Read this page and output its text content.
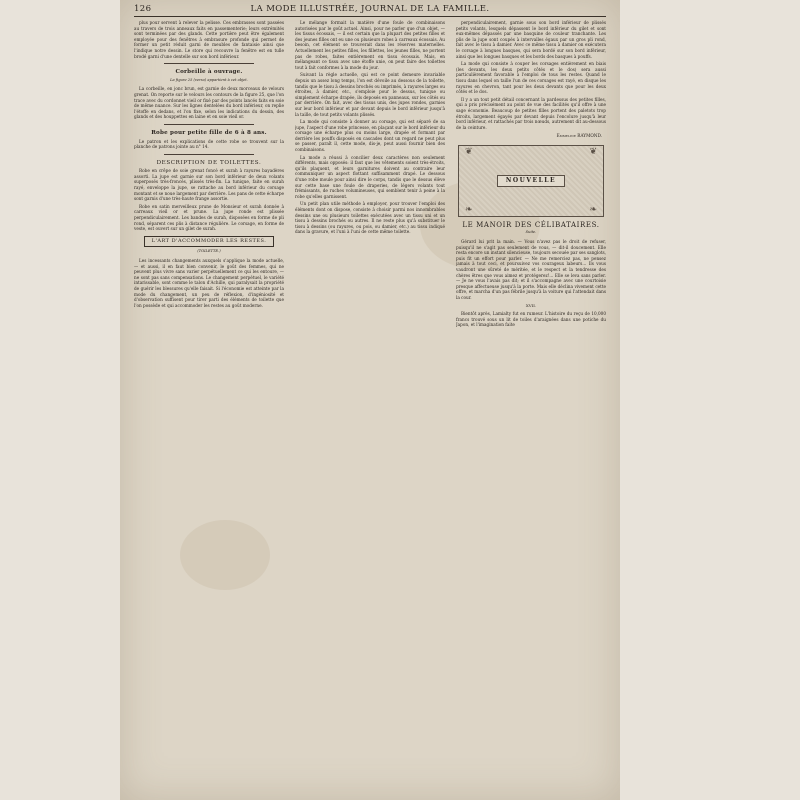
126	LA MODE ILLUSTRÉE, JOURNAL DE LA FAMILLE.

plus pour servent à relever la pelisse. Ces embrasses sont passées au travers de trois anneaux faits en passementerie; leurs extrémités sont terminées par des glands. Cette portière peut être également employée pour des fenêtres à embrasure profonde qui permet de former un petit réduit garni de meubles de fantaisie ainsi que l'indique notre dessin. Le store qui recouvre la fenêtre est en tulle brodé garni d'une dentelle sur son bord inférieur.

Corbeille à ouvrage.
La figure 25 (verso) appartient à cet objet.

La corbeille, en jonc brun, est garnie de deux morceaux de velours grenat. On reporte sur le velours les contours de la figure 25, que l'on trace avec du cordonnet vieil or fixé par des points lancés faits en soie de même nuance. Sur les lignes dentelées du bord inférieur, on replie l'étoffe en dedans, et l'on fixe, selon les indications du dessin, des glands et des houppettes en laine et en soie vieil or.

Robe pour petite fille de 6 à 8 ans.

Le patron et les explications de cette robe se trouvent sur la planche de patrons jointe au n° 14.

DESCRIPTION DE TOILETTES.

Robe en crêpe de soie grenat foncé et surah à rayures bayadères assorti. La jupe est garnie sur son bord inférieur de deux volants superposés très-froncés, plissés très-fin. La tunique, faite en surah rayé, enveloppe la jupe, se rattache au bord inférieur du corsage montant et se noue largement par derrière. Les pans de cette écharpe sont garnis d'une très-haute frange assortie.

Robe en satin merveilleux prune de Monsieur et surah donnée à carreaux vieil or et prune. La jupe ronde est plissée perpendiculairement. Les bandes de surah, disposées en forme de pli rond, séparent ces plis à distance régulière. Le corsage, en forme de veste, est ouvert sur un gilet de surah.

L'ART D'ACCOMMODER LES RESTES.
(TOILETTE.)

Les incessants changements auxquels s'applique la mode actuelle, — et aussi, il en faut bien convenir, le goût des femmes, qui ne peuvent plus vivre sans varier perpétuellement ce qui les entoure, — ne sont pas sans compensations. Le changement perpétuel, le variété intarissable, sont comme le talon d'Achille, qui paralysait la propriété de guérir les blessures qu'elle faisait. Si l'économie est atteinte par la mode du changement, un peu de réflexion, d'ingéniosité et d'observation suffisent pour tirer parti des éléments de toilette que l'on possède et qui accommoder les restes au goût moderne.

Le mélange formait la matière d'une foule de combinaisons autorisées par le goût actuel. Ainsi, pour ne parler que d'un objet, — les tissus écossais, — il est certain que la plupart des petites filles et des jeunes filles ont eu une ou plusieurs robes à carreaux écossais. Au besoin, cet élément se trouverait dans les réserves maternelles. Actuellement les petites filles, les fillettes, les jeunes filles, ne portent pas de robes, faites entièrement en tissu écossais. Mais, en mélangeant ce tissu avec une étoffe unie, on peut faire des toilettes tout à fait conformes à la mode du jour.

Suivant la règle actuelle, qui est ce point demeure invariable depuis un assez long temps, l'on est dévoile au dessous de la toilette, tandis que le tissu à dessins brochés ou imprimés, à rayures larges ou étroites, à damier, etc., s'emploie pour le dessus, tunique ou simplement écharpe drapée, ils deposés en panneaux, sur les côtés ou par derrière. On fait, avec des tissus unis, des jupes rondes, garnies sur leur bord inférieur et par devant depuis le bord inférieur jusqu'à la taille, de tout petits volants plissés.

La mode qui consiste à donner au corsage, qui est séparé de sa jupe, l'aspect d'une robe princesse, en plaçant sur le bord inférieur du corsage une écharpe plus ou moins large, drapée et formant par derrière les pouffs disposés en cascades dont un regard ne peut plus se passer, paraît il, cette mode, dis-je, peut aussi fournir bien des combinaisons.

La mode a réussi à concilier deux caractères non seulement différents, mais opposés: il faut que les vêtements soient très-étroits, qu'ils plaquent, et leurs garnitures doivent au contraire leur communiquer un aspect flottant suffisamment drapé. Le dessous d'une robe moule pour ainsi dire le corps, tandis que le dessus élève sur cette base une foule de draperies, de légers volants tout frémissants, de ruches volumineuses, qui semblent tenir à peine à la robe qu'elles garnissent.

Un petit plan utile méthode à employer, pour trouver l'emploi des éléments dont on dispose, consiste à choisir parmi nos innombrables dessins une ou plusieurs toilettes exécutées avec un tissu uni et un tissu à dessins brochés ou autres. Il ne reste plus qu'à substituer le tissu à dessins (ou rayures, ou pois, ou damier, etc.) au tissu indiqué dans la gravure, et l'uni à l'uni de cette même toilette.

perpendiculairement, garnie sous son bord inférieur de plissés petits volants, lesquels dépassent le bord inférieur du gilet et sont eux-mêmes dépassés par une basquine de couleur tranchante. Les plis de la jupe sont coupés à intervalles égaux par un gros pli rond, fait avec le tissu à damier. Avec ce même tissu à damier on exécutera le corsage à longues basques, qui sera bordé sur son bord inférieur, ainsi que les longues basques et les bords des basques à pouffs.

La mode qui consiste à couper les corsages entièrement en biais (les devants, les deux petits côtés et le dos) sera aussi particulièrement favorable à l'emploi de tous les restes. Quand le tissu dans lequel on taille l'un de ces corsages est rayé, en disque les rayures en chevron, tant pour les deux devants que pour les deux côtés et le dos.

Il y a un tout petit détail concernant la pardessus des petites filles, qui a pris précisément au point de vue des facilités qu'il offre à une sage économie. Beaucoup de petites filles portent des paletots trop étroits, largement égayés par devant depuis l'encolure jusqu'à leur bord inférieur, et rattachés par trois nœuds, autrement dit au-dessous de la ceinture.

Emmeline RAYMOND.
❦	❦
❧	❧
NOUVELLE
LE MANOIR DES CÉLIBATAIRES.
Suite.

Gérard lui prit la main. — Vous n'avez pas le droit de refuser, puisqu'il ne s'agit pas seulement de vous, — dit-il doucement. Elle resta encore un instant silencieuse, toujours secouée par ses sanglots, puis fit un effort pour parler. — Ne me remerciez pas, ne pensez jamais à tout ceci, et poursuivez vos courageux labeurs... Ils vous vaudront une sûreté de méritée, et le respect et la tendresse des chères êtres que vous aimez et protégerez!... Elle se leva sans parler. — Je ne vous l'avais pas dit; et il s'accompagne avec une courtoisie presque affectueuse jusqu'à la porte. Mais elle déclina vivement cette offre, et marcha d'un pas fébrile jusqu'à la voiture qui l'attendait dans la cour.

XVII.

Bientôt après, Lamialty fut en rumeur. L'histoire du reçu de 10,000 francs trouvé sous un lit de toiles d'araignées dans une potiche du Japon, et l'imagination faite
